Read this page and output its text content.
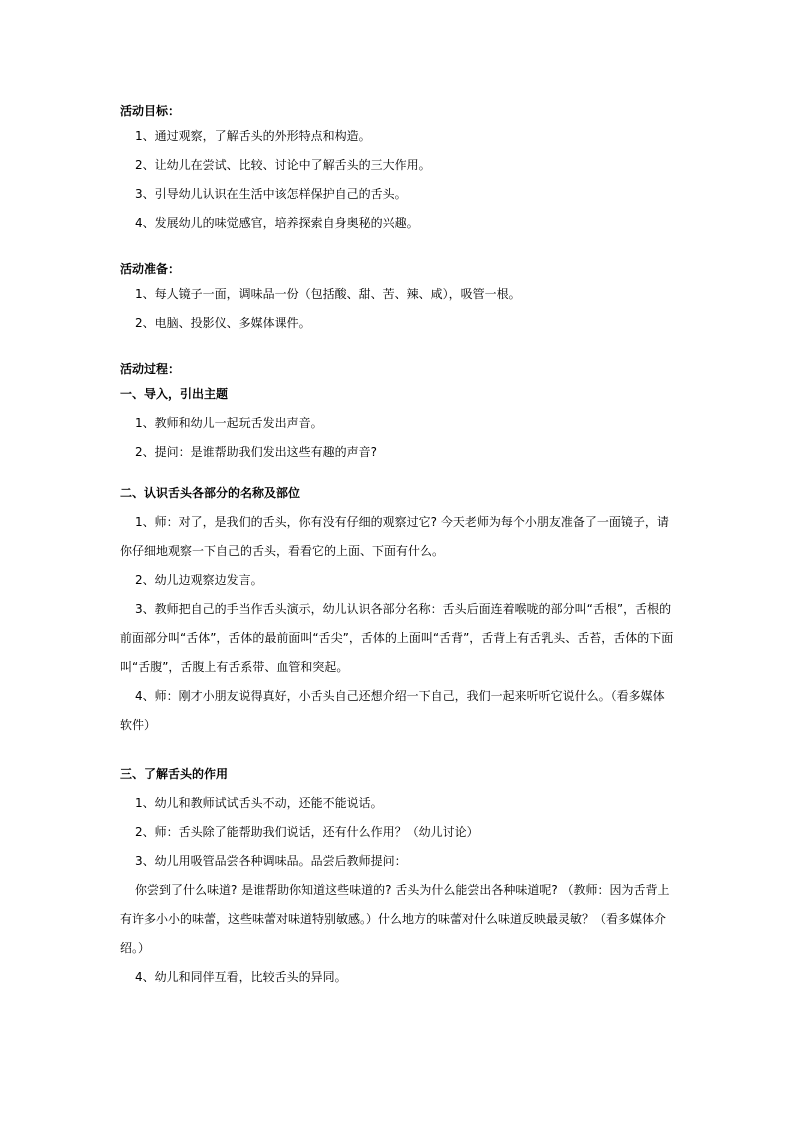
活动目标：

1、通过观察，了解舌头的外形特点和构造。

2、让幼儿在尝试、比较、讨论中了解舌头的三大作用。

3、引导幼儿认识在生活中该怎样保护自己的舌头。

4、发展幼儿的味觉感官，培养探索自身奥秘的兴趣。

活动准备：

1、每人镜子一面，调味品一份（包括酸、甜、苦、辣、咸），吸管一根。

2、电脑、投影仪、多媒体课件。

活动过程：

一、导入，引出主题

1、教师和幼儿一起玩舌发出声音。

2、提问：是谁帮助我们发出这些有趣的声音?

二、认识舌头各部分的名称及部位

1、师：对了，是我们的舌头，你有没有仔细的观察过它? 今天老师为每个小朋友准备了一面镜子，请你仔细地观察一下自己的舌头，看看它的上面、下面有什么。

2、幼儿边观察边发言。

3、教师把自己的手当作舌头演示，幼儿认识各部分名称：舌头后面连着喉咙的部分叫“舌根”，舌根的前面部分叫“舌体”，舌体的最前面叫“舌尖”，舌体的上面叫“舌背”，舌背上有舌乳头、舌苔，舌体的下面叫“舌腹”，舌腹上有舌系带、血管和突起。

4、师：刚才小朋友说得真好，小舌头自己还想介绍一下自己，我们一起来听听它说什么。（看多媒体软件）

三、了解舌头的作用

1、幼儿和教师试试舌头不动，还能不能说话。

2、师：舌头除了能帮助我们说话，还有什么作用？（幼儿讨论）

3、幼儿用吸管品尝各种调味品。品尝后教师提问：

你尝到了什么味道? 是谁帮助你知道这些味道的? 舌头为什么能尝出各种味道呢? （教师：因为舌背上有许多小小的味蕾，这些味蕾对味道特别敏感。）什么地方的味蕾对什么味道反映最灵敏？（看多媒体介绍。）

4、幼儿和同伴互看，比较舌头的异同。
